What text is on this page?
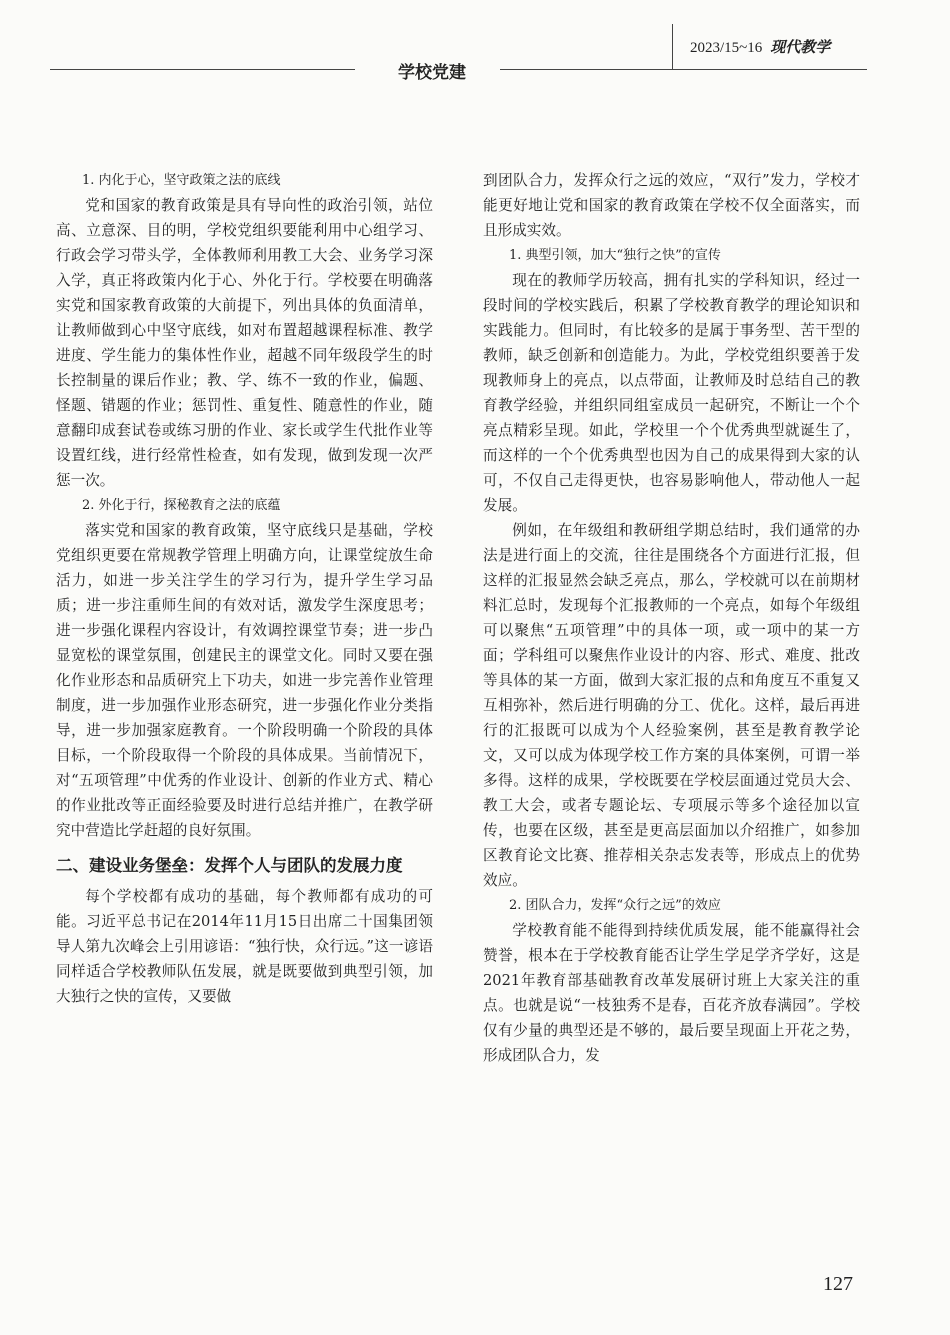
2023/15~16 现代教学
学校党建

1. 内化于心，坚守政策之法的底线

党和国家的教育政策是具有导向性的政治引领，站位高、立意深、目的明，学校党组织要能利用中心组学习、行政会学习带头学，全体教师利用教工大会、业务学习深入学，真正将政策内化于心、外化于行。学校要在明确落实党和国家教育政策的大前提下，列出具体的负面清单，让教师做到心中坚守底线，如对布置超越课程标准、教学进度、学生能力的集体性作业，超越不同年级段学生的时长控制量的课后作业；教、学、练不一致的作业，偏题、怪题、错题的作业；惩罚性、重复性、随意性的作业，随意翻印成套试卷或练习册的作业、家长或学生代批作业等设置红线，进行经常性检查，如有发现，做到发现一次严惩一次。

2. 外化于行，探秘教育之法的底蕴

落实党和国家的教育政策，坚守底线只是基础，学校党组织更要在常规教学管理上明确方向，让课堂绽放生命活力，如进一步关注学生的学习行为，提升学生学习品质；进一步注重师生间的有效对话，激发学生深度思考；进一步强化课程内容设计，有效调控课堂节奏；进一步凸显宽松的课堂氛围，创建民主的课堂文化。同时又要在强化作业形态和品质研究上下功夫，如进一步完善作业管理制度，进一步加强作业形态研究，进一步强化作业分类指导，进一步加强家庭教育。一个阶段明确一个阶段的具体目标，一个阶段取得一个阶段的具体成果。当前情况下，对“五项管理”中优秀的作业设计、创新的作业方式、精心的作业批改等正面经验要及时进行总结并推广，在教学研究中营造比学赶超的良好氛围。

二、建设业务堡垒：发挥个人与团队的发展力度

每个学校都有成功的基础，每个教师都有成功的可能。习近平总书记在2014年11月15日出席二十国集团领导人第九次峰会上引用谚语：“独行快，众行远。”这一谚语同样适合学校教师队伍发展，就是既要做到典型引领，加大独行之快的宣传，又要做

到团队合力，发挥众行之远的效应，“双行”发力，学校才能更好地让党和国家的教育政策在学校不仅全面落实，而且形成实效。

1. 典型引领，加大“独行之快”的宣传

现在的教师学历较高，拥有扎实的学科知识，经过一段时间的学校实践后，积累了学校教育教学的理论知识和实践能力。但同时，有比较多的是属于事务型、苦干型的教师，缺乏创新和创造能力。为此，学校党组织要善于发现教师身上的亮点，以点带面，让教师及时总结自己的教育教学经验，并组织同组室成员一起研究，不断让一个个亮点精彩呈现。如此，学校里一个个优秀典型就诞生了，而这样的一个个优秀典型也因为自己的成果得到大家的认可，不仅自己走得更快，也容易影响他人，带动他人一起发展。

例如，在年级组和教研组学期总结时，我们通常的办法是进行面上的交流，往往是围绕各个方面进行汇报，但这样的汇报显然会缺乏亮点，那么，学校就可以在前期材料汇总时，发现每个汇报教师的一个亮点，如每个年级组可以聚焦“五项管理”中的具体一项，或一项中的某一方面；学科组可以聚焦作业设计的内容、形式、难度、批改等具体的某一方面，做到大家汇报的点和角度互不重复又互相弥补，然后进行明确的分工、优化。这样，最后再进行的汇报既可以成为个人经验案例，甚至是教育教学论文，又可以成为体现学校工作方案的具体案例，可谓一举多得。这样的成果，学校既要在学校层面通过党员大会、教工大会，或者专题论坛、专项展示等多个途径加以宣传，也要在区级，甚至是更高层面加以介绍推广，如参加区教育论文比赛、推荐相关杂志发表等，形成点上的优势效应。

2. 团队合力，发挥“众行之远”的效应

学校教育能不能得到持续优质发展，能不能赢得社会赞誉，根本在于学校教育能否让学生学足学齐学好，这是2021年教育部基础教育改革发展研讨班上大家关注的重点。也就是说“一枝独秀不是春，百花齐放春满园”。学校仅有少量的典型还是不够的，最后要呈现面上开花之势，形成团队合力，发

127
